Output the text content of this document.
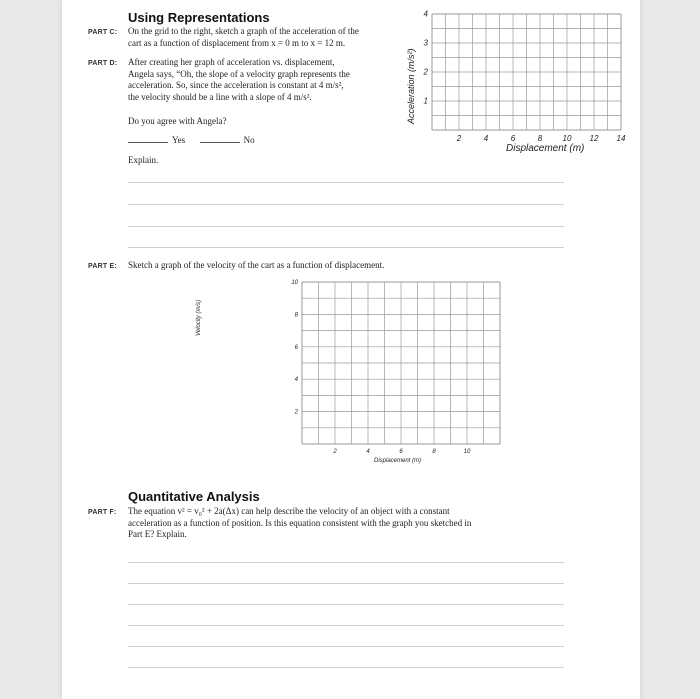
Using Representations
PART C: On the grid to the right, sketch a graph of the acceleration of the
cart as a function of displacement from x = 0 m to x = 12 m.
PART D: After creating her graph of acceleration vs. displacement,
Angela says, “Oh, the slope of a velocity graph represents the
acceleration. So, since the acceleration is constant at 4 m/s²,
the velocity should be a line with a slope of 4 m/s².
Do you agree with Angela?
Yes	No
Explain.
2	4	6	8	10 12 14
1
2
3
4
Acceleration (m/s²)
Displacement (m)
PART E: Sketch a graph of the velocity of the cart as a function of displacement.
2	4	6	8	10
2
4
6
8
10
Velocity (m/s)
Displacement (m)
Quantitative Analysis
PART F: The equation v² = v₀² + 2a(Δx) can help describe the velocity of an object with a constant
acceleration as a function of position. Is this equation consistent with the graph you sketched in
Part E? Explain.
